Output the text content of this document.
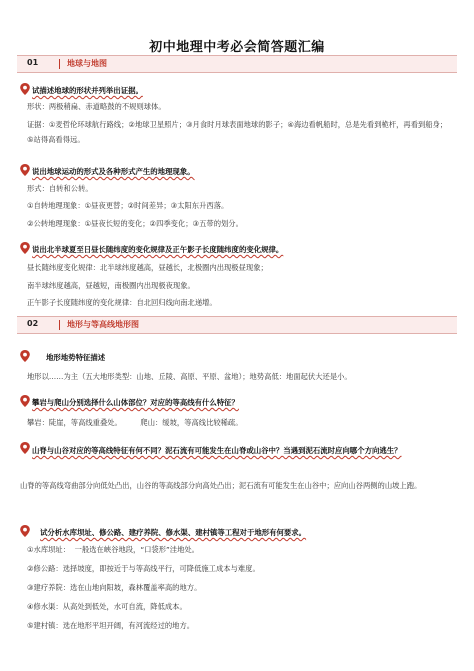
初中地理中考必会简答题汇编
01	地球与地图
试描述地球的形状并列举出证据。
形状：两极稍扁、赤道略鼓的不规则球体。
证据：①麦哲伦环球航行路线；②地球卫星照片；③月食时月球表面地球的影子；④海边看帆船时，总是先看到桅杆，再看到船身；⑤站得高看得远。
说出地球运动的形式及各种形式产生的地理现象。
形式：自转和公转。
①自转地理现象：①昼夜更替；②时间差异；③太阳东升西落。
②公转地理现象：①昼夜长短的变化；②四季变化；③五带的划分。
说出北半球夏至日昼长随纬度的变化规律及正午影子长度随纬度的变化规律。
昼长随纬度变化规律：北半球纬度越高，昼越长，北极圈内出现极昼现象；
南半球纬度越高，昼越短，南极圈内出现极夜现象。
正午影子长度随纬度的变化规律：自北回归线向南北递增。
02	地形与等高线地形图
地形地势特征描述
地形以……为主（五大地形类型：山地、丘陵、高原、平原、盆地）；地势高低：地面起伏大还是小。
攀岩与爬山分别选择什么山体部位？对应的等高线有什么特征？
攀岩：陡崖，等高线重叠处。        爬山：缓坡，等高线比较稀疏。
山脊与山谷对应的等高线特征有何不同？泥石流有可能发生在山脊或山谷中？当遇到泥石流时应向哪个方向逃生？
山脊的等高线弯曲部分向低处凸出，山谷的等高线部分向高处凸出；泥石流有可能发生在山谷中；应向山谷两侧的山坡上跑。
试分析水库坝址、修公路、建疗养院、修水渠、建村镇等工程对于地形有何要求。
①水库坝址：  一般选在峡谷地段，“口袋形”洼地处。
②修公路：选择坡度，即按近于与等高线平行，可降低施工成本与难度。
③建疗养院：选在山地向阳坡，森林覆盖率高的地方。
④修水渠：从高处到低处，水可自流，降低成本。
⑤建村镇：选在地形平坦开阔，有河流经过的地方。
